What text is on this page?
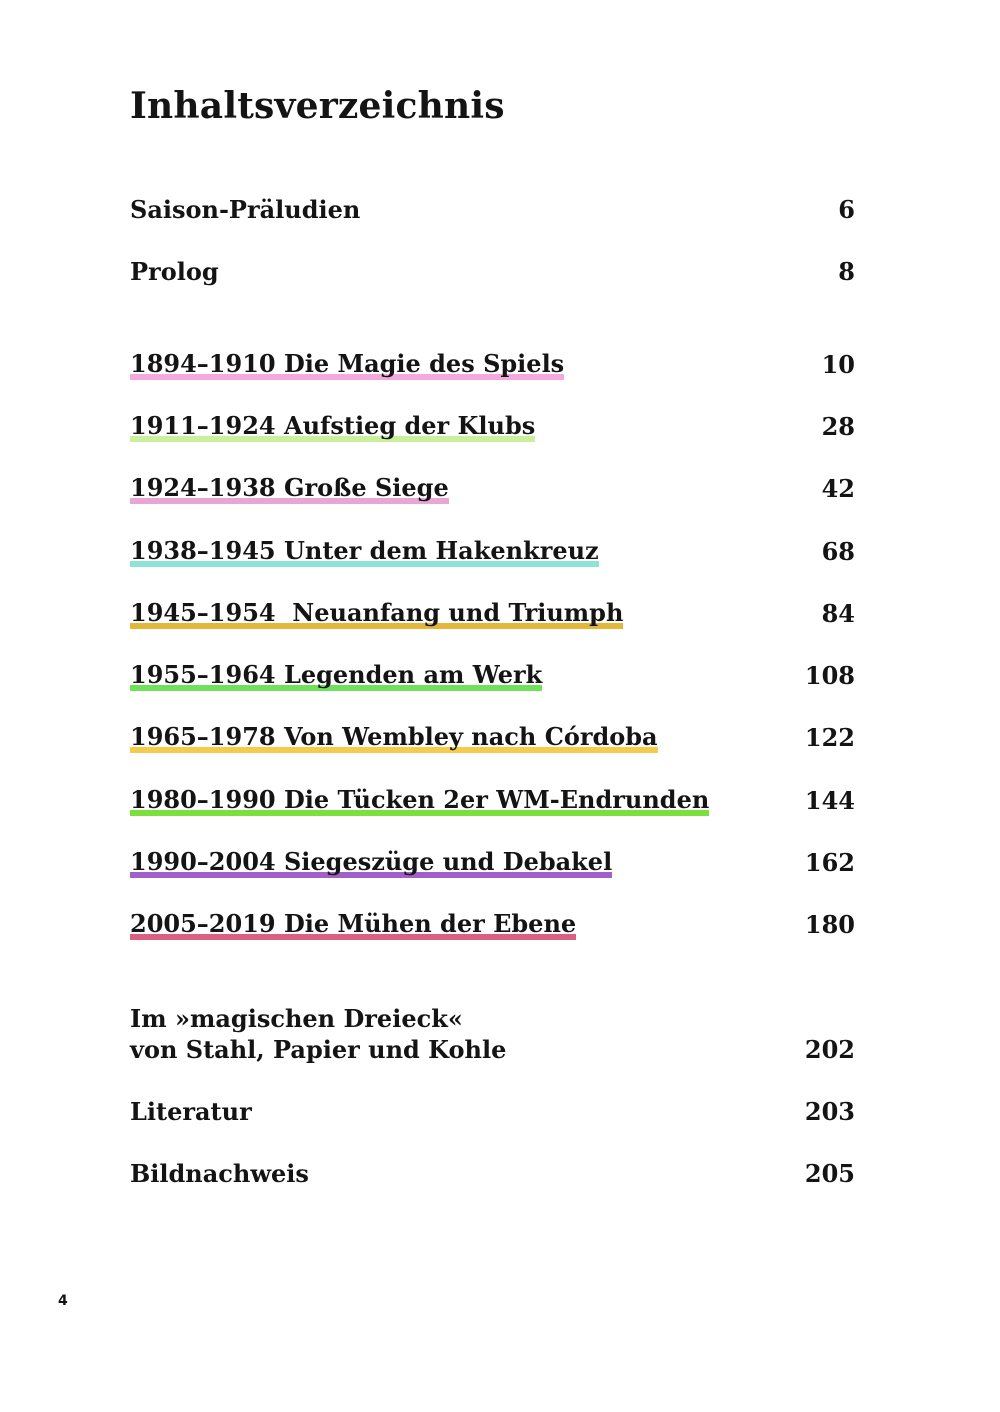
Inhaltsverzeichnis
Saison-Präludien	6
Prolog	8
1894–1910 Die Magie des Spiels	10
1911–1924 Aufstieg der Klubs	28
1924–1938 Große Siege	42
1938–1945 Unter dem Hakenkreuz	68
1945–1954  Neuanfang und Triumph	84
1955–1964 Legenden am Werk	108
1965–1978 Von Wembley nach Córdoba	122
1980–1990 Die Tücken 2er WM-Endrunden	144
1990–2004 Siegeszüge und Debakel	162
2005–2019 Die Mühen der Ebene	180
Im »magischen Dreieck«
von Stahl, Papier und Kohle	202
Literatur	203
Bildnachweis	205
4
